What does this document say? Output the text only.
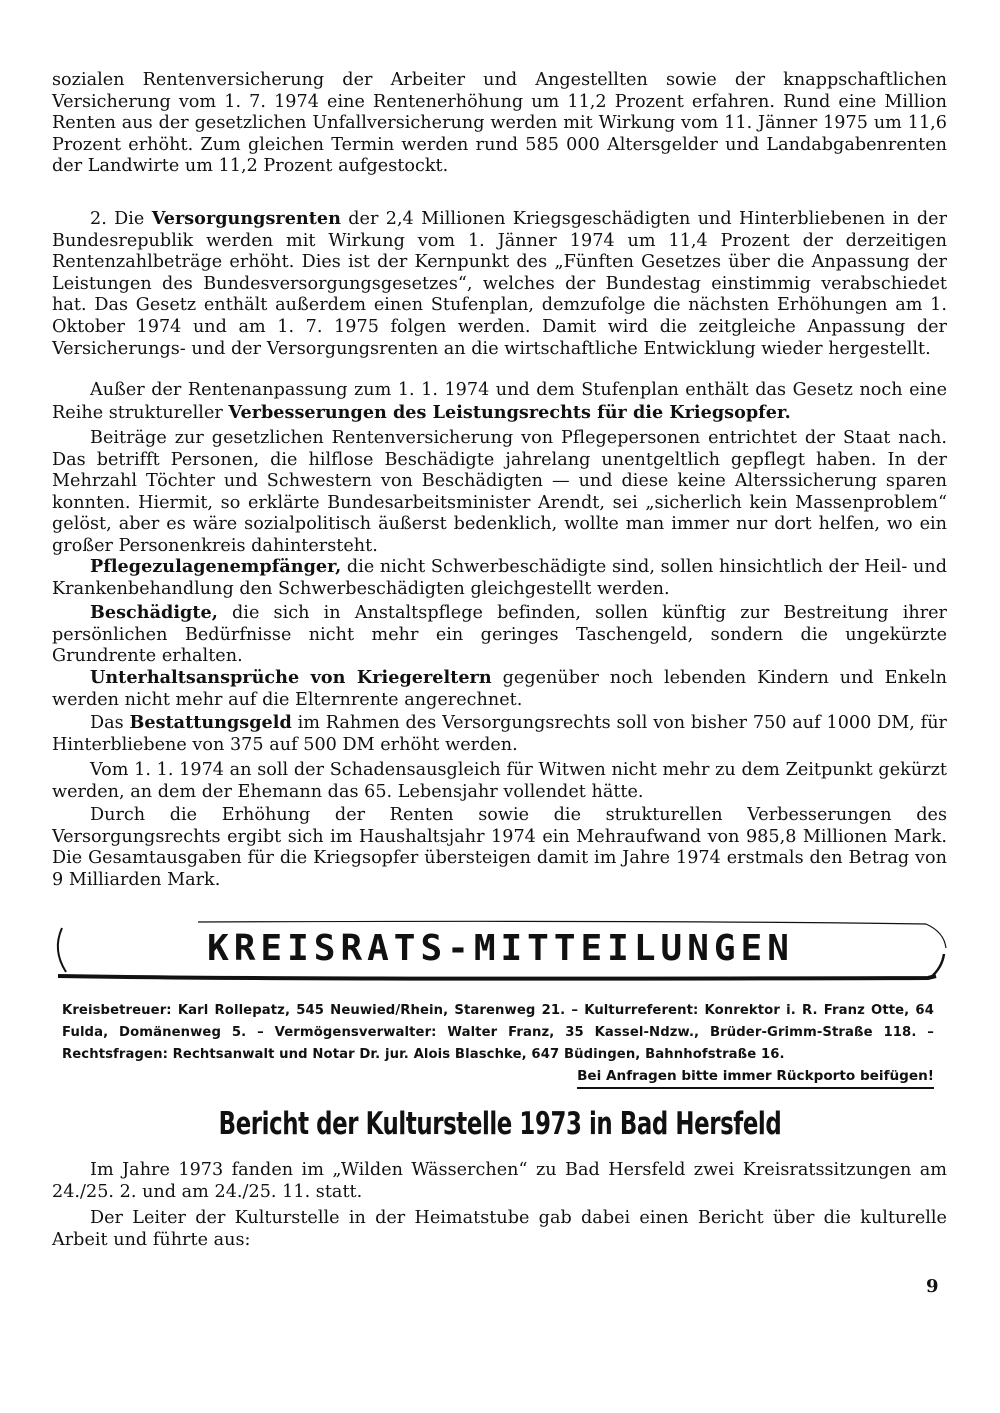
sozialen Rentenversicherung der Arbeiter und Angestellten sowie der knappschaftlichen Versicherung vom 1. 7. 1974 eine Rentenerhöhung um 11,2 Prozent erfahren. Rund eine Million Renten aus der gesetzlichen Unfallversicherung werden mit Wirkung vom 11. Jänner 1975 um 11,6 Prozent erhöht. Zum gleichen Termin werden rund 585 000 Altersgelder und Landabgabenrenten der Landwirte um 11,2 Prozent aufgestockt.

2. Die Versorgungsrenten der 2,4 Millionen Kriegsgeschädigten und Hinterbliebenen in der Bundesrepublik werden mit Wirkung vom 1. Jänner 1974 um 11,4 Prozent der derzeitigen Rentenzahlbeträge erhöht. Dies ist der Kernpunkt des „Fünften Gesetzes über die Anpassung der Leistungen des Bundesversorgungsgesetzes“, welches der Bundestag einstimmig verabschiedet hat. Das Gesetz enthält außerdem einen Stufenplan, demzufolge die nächsten Erhöhungen am 1. Oktober 1974 und am 1. 7. 1975 folgen werden. Damit wird die zeitgleiche Anpassung der Versicherungs- und der Versorgungsrenten an die wirtschaftliche Entwicklung wieder hergestellt.

Außer der Rentenanpassung zum 1. 1. 1974 und dem Stufenplan enthält das Gesetz noch eine Reihe struktureller Verbesserungen des Leistungsrechts für die Kriegsopfer.

Beiträge zur gesetzlichen Rentenversicherung von Pflegepersonen entrichtet der Staat nach. Das betrifft Personen, die hilflose Beschädigte jahrelang unentgeltlich gepflegt haben. In der Mehrzahl Töchter und Schwestern von Beschädigten — und diese keine Alterssicherung sparen konnten. Hiermit, so erklärte Bundesarbeitsminister Arendt, sei „sicherlich kein Massenproblem“ gelöst, aber es wäre sozialpolitisch äußerst bedenklich, wollte man immer nur dort helfen, wo ein großer Personenkreis dahintersteht.

Pflegezulagenempfänger, die nicht Schwerbeschädigte sind, sollen hinsichtlich der Heil- und Krankenbehandlung den Schwerbeschädigten gleichgestellt werden.

Beschädigte, die sich in Anstaltspflege befinden, sollen künftig zur Bestreitung ihrer persönlichen Bedürfnisse nicht mehr ein geringes Taschengeld, sondern die ungekürzte Grundrente erhalten.

Unterhaltsansprüche von Kriegereltern gegenüber noch lebenden Kindern und Enkeln werden nicht mehr auf die Elternrente angerechnet.

Das Bestattungsgeld im Rahmen des Versorgungsrechts soll von bisher 750 auf 1000 DM, für Hinterbliebene von 375 auf 500 DM erhöht werden.

Vom 1. 1. 1974 an soll der Schadensausgleich für Witwen nicht mehr zu dem Zeitpunkt gekürzt werden, an dem der Ehemann das 65. Lebensjahr vollendet hätte.

Durch die Erhöhung der Renten sowie die strukturellen Verbesserungen des Versorgungsrechts ergibt sich im Haushaltsjahr 1974 ein Mehraufwand von 985,8 Millionen Mark. Die Gesamtausgaben für die Kriegsopfer übersteigen damit im Jahre 1974 erstmals den Betrag von 9 Milliarden Mark.

KREISRATS-MITTEILUNGEN
Kreisbetreuer: Karl Rollepatz, 545 Neuwied/Rhein, Starenweg 21. – Kulturreferent: Konrektor i. R. Franz Otte, 64 Fulda, Domänenweg 5. – Vermögensverwalter: Walter Franz, 35 Kassel-Ndzw., Brüder-Grimm-Straße 118. – Rechtsfragen: Rechtsanwalt und Notar Dr. jur. Alois Blaschke, 647 Büdingen, Bahnhofstraße 16.
Bei Anfragen bitte immer Rückporto beifügen!
Bericht der Kulturstelle 1973 in Bad Hersfeld

Im Jahre 1973 fanden im „Wilden Wässerchen“ zu Bad Hersfeld zwei Kreisratssitzungen am 24./25. 2. und am 24./25. 11. statt.

Der Leiter der Kulturstelle in der Heimatstube gab dabei einen Bericht über die kulturelle Arbeit und führte aus:

9
